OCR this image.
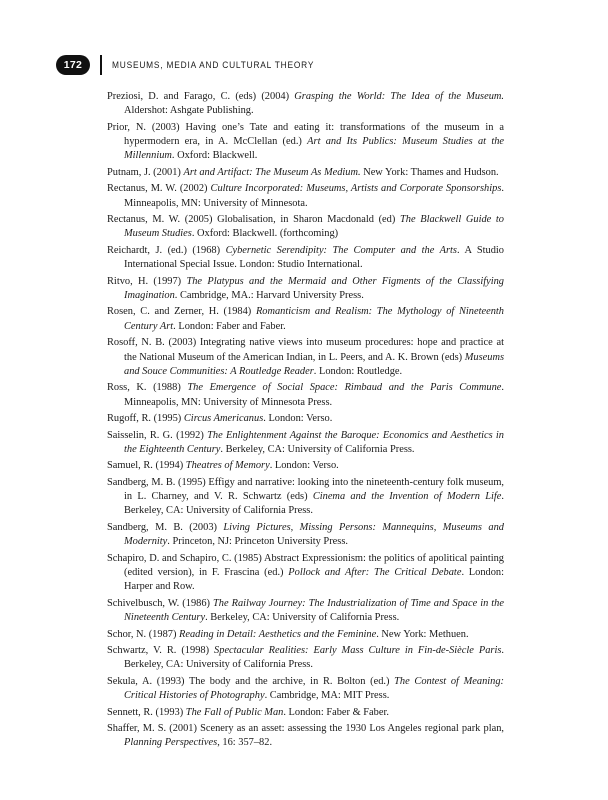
172	MUSEUMS, MEDIA AND CULTURAL THEORY
Preziosi, D. and Farago, C. (eds) (2004) Grasping the World: The Idea of the Museum. Aldershot: Ashgate Publishing.
Prior, N. (2003) Having one’s Tate and eating it: transformations of the museum in a hypermodern era, in A. McClellan (ed.) Art and Its Publics: Museum Studies at the Millennium. Oxford: Blackwell.
Putnam, J. (2001) Art and Artifact: The Museum As Medium. New York: Thames and Hudson.
Rectanus, M. W. (2002) Culture Incorporated: Museums, Artists and Corporate Sponsorships. Minneapolis, MN: University of Minnesota.
Rectanus, M. W. (2005) Globalisation, in Sharon Macdonald (ed) The Blackwell Guide to Museum Studies. Oxford: Blackwell. (forthcoming)
Reichardt, J. (ed.) (1968) Cybernetic Serendipity: The Computer and the Arts. A Studio International Special Issue. London: Studio International.
Ritvo, H. (1997) The Platypus and the Mermaid and Other Figments of the Classifying Imagination. Cambridge, MA.: Harvard University Press.
Rosen, C. and Zerner, H. (1984) Romanticism and Realism: The Mythology of Nineteenth Century Art. London: Faber and Faber.
Rosoff, N. B. (2003) Integrating native views into museum procedures: hope and practice at the National Museum of the American Indian, in L. Peers, and A. K. Brown (eds) Museums and Souce Communities: A Routledge Reader. London: Routledge.
Ross, K. (1988) The Emergence of Social Space: Rimbaud and the Paris Commune. Minneapolis, MN: University of Minnesota Press.
Rugoff, R. (1995) Circus Americanus. London: Verso.
Saisselin, R. G. (1992) The Enlightenment Against the Baroque: Economics and Aesthetics in the Eighteenth Century. Berkeley, CA: University of California Press.
Samuel, R. (1994) Theatres of Memory. London: Verso.
Sandberg, M. B. (1995) Effigy and narrative: looking into the nineteenth-century folk museum, in L. Charney, and V. R. Schwartz (eds) Cinema and the Invention of Modern Life. Berkeley, CA: University of California Press.
Sandberg, M. B. (2003) Living Pictures, Missing Persons: Mannequins, Museums and Modernity. Princeton, NJ: Princeton University Press.
Schapiro, D. and Schapiro, C. (1985) Abstract Expressionism: the politics of apolitical painting (edited version), in F. Frascina (ed.) Pollock and After: The Critical Debate. London: Harper and Row.
Schivelbusch, W. (1986) The Railway Journey: The Industrialization of Time and Space in the Nineteenth Century. Berkeley, CA: University of California Press.
Schor, N. (1987) Reading in Detail: Aesthetics and the Feminine. New York: Methuen.
Schwartz, V. R. (1998) Spectacular Realities: Early Mass Culture in Fin-de-Siècle Paris. Berkeley, CA: University of California Press.
Sekula, A. (1993) The body and the archive, in R. Bolton (ed.) The Contest of Meaning: Critical Histories of Photography. Cambridge, MA: MIT Press.
Sennett, R. (1993) The Fall of Public Man. London: Faber & Faber.
Shaffer, M. S. (2001) Scenery as an asset: assessing the 1930 Los Angeles regional park plan, Planning Perspectives, 16: 357–82.
